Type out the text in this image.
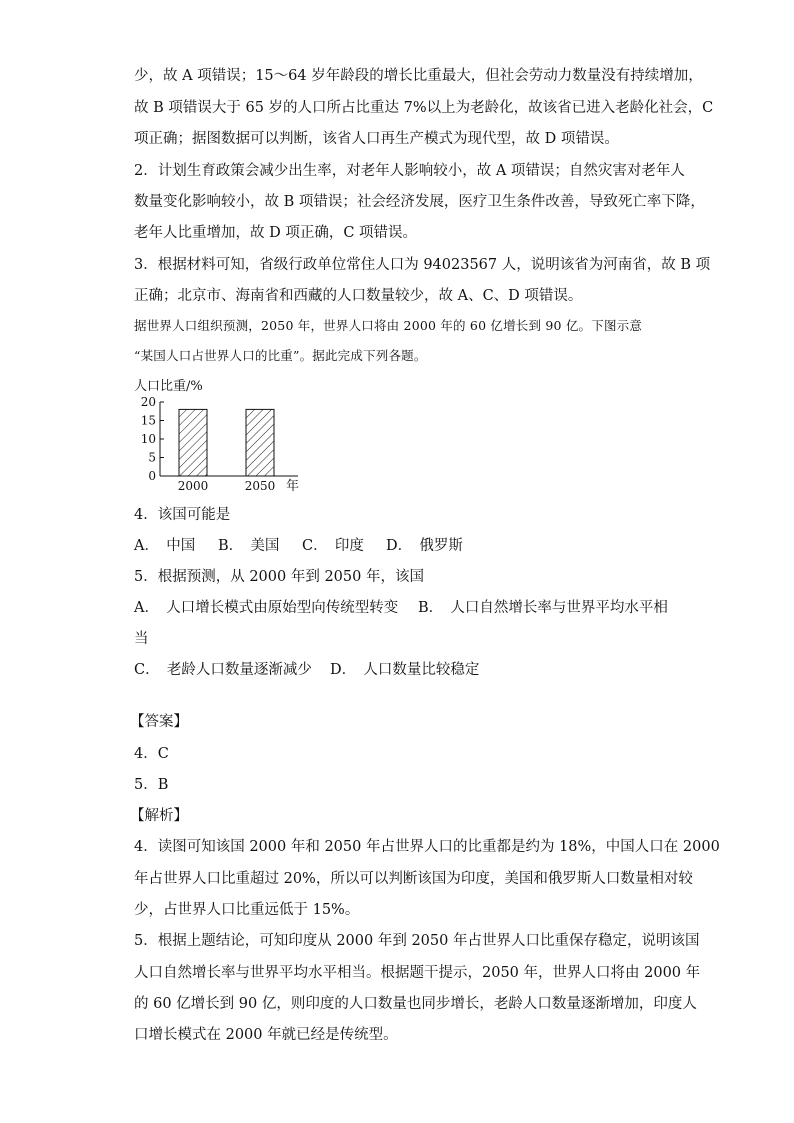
少，故 A 项错误；15～64 岁年龄段的增长比重最大，但社会劳动力数量没有持续增加，
故 B 项错误大于 65 岁的人口所占比重达 7%以上为老龄化，故该省已进入老龄化社会，C
项正确；据图数据可以判断，该省人口再生产模式为现代型，故 D 项错误。
2．计划生育政策会减少出生率，对老年人影响较小，故 A 项错误；自然灾害对老年人
数量变化影响较小，故 B 项错误；社会经济发展，医疗卫生条件改善，导致死亡率下降，
老年人比重增加，故 D 项正确，C 项错误。
3．根据材料可知，省级行政单位常住人口为 94023567 人，说明该省为河南省，故 B 项
正确；北京市、海南省和西藏的人口数量较少，故 A、C、D 项错误。
据世界人口组织预测，2050 年，世界人口将由 2000 年的 60 亿增长到 90 亿。下图示意
“某国人口占世界人口的比重”。据此完成下列各题。
人口比重/%
20
15
10
5
0
2000	2050 年
4．该国可能是
A．　中国 B．　美国 C．　印度 D．　俄罗斯
5．根据预测，从 2000 年到 2050 年，该国
A．　人口增长模式由原始型向传统型转变 B．　人口自然增长率与世界平均水平相
当
C．　老龄人口数量逐渐减少 D．　人口数量比较稳定
【答案】
4．C
5．B
【解析】
4．读图可知该国 2000 年和 2050 年占世界人口的比重都是约为 18%，中国人口在 2000
年占世界人口比重超过 20%，所以可以判断该国为印度，美国和俄罗斯人口数量相对较
少，占世界人口比重远低于 15%。
5．根据上题结论，可知印度从 2000 年到 2050 年占世界人口比重保存稳定，说明该国
人口自然增长率与世界平均水平相当。根据题干提示，2050 年，世界人口将由 2000 年
的 60 亿增长到 90 亿，则印度的人口数量也同步增长，老龄人口数量逐渐增加，印度人
口增长模式在 2000 年就已经是传统型。
